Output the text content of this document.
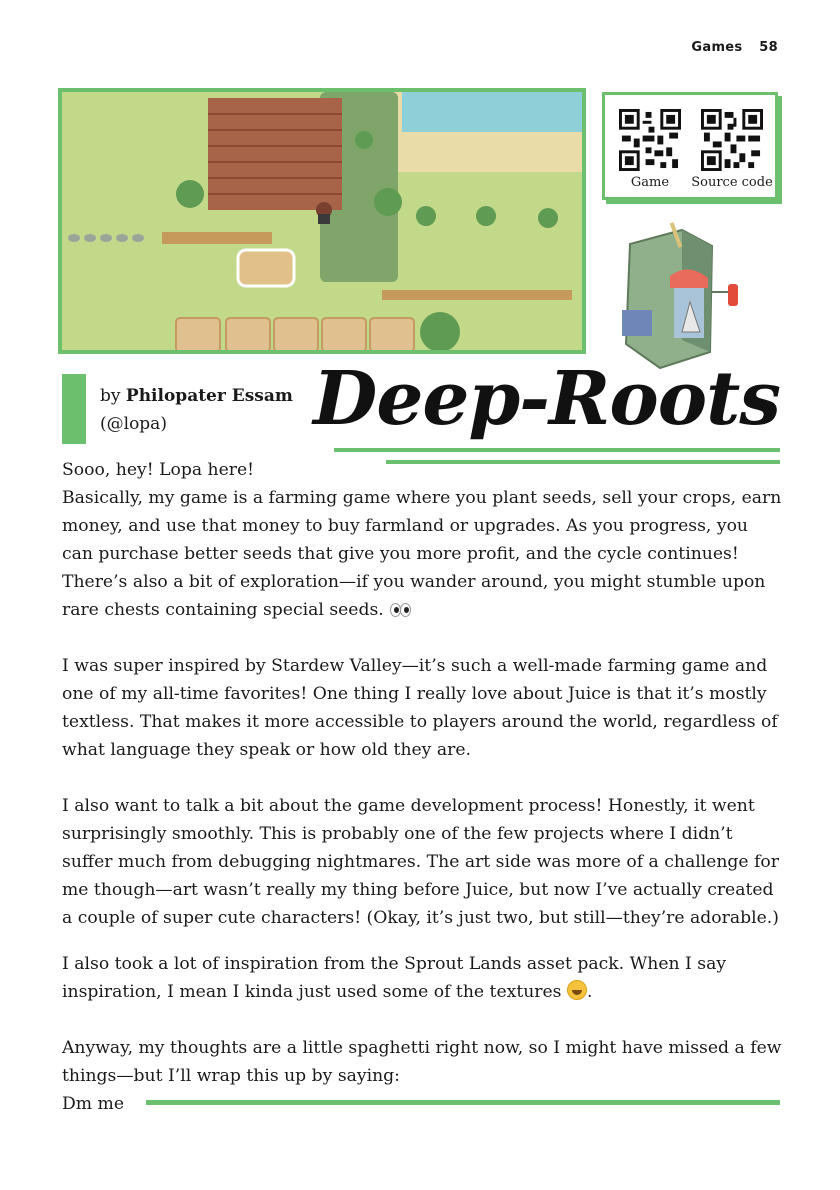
Games 58
Game	Source code
by Philopater Essam
(@lopa)	Deep-Roots

Sooo, hey! Lopa here!

Basically, my game is a farming game where you plant seeds, sell your crops, earn money, and use that money to buy farmland or upgrades. As you progress, you can purchase better seeds that give you more profit, and the cycle continues! There’s also a bit of exploration—if you wander around, you might stumble upon rare chests containing special seeds.

I was super inspired by Stardew Valley—it’s such a well-made farming game and one of my all-time favorites! One thing I really love about Juice is that it’s mostly textless. That makes it more accessible to players around the world, regardless of what language they speak or how old they are.

I also want to talk a bit about the game development process! Honestly, it went surprisingly smoothly. This is probably one of the few projects where I didn’t suffer much from debugging nightmares. The art side was more of a challenge for me though—art wasn’t really my thing before Juice, but now I’ve actually created a couple of super cute characters! (Okay, it’s just two, but still—they’re adorable.)

I also took a lot of inspiration from the Sprout Lands asset pack. When I say inspiration, I mean I kinda just used some of the textures .

Anyway, my thoughts are a little spaghetti right now, so I might have missed a few things—but I’ll wrap this up by saying:

Dm me
